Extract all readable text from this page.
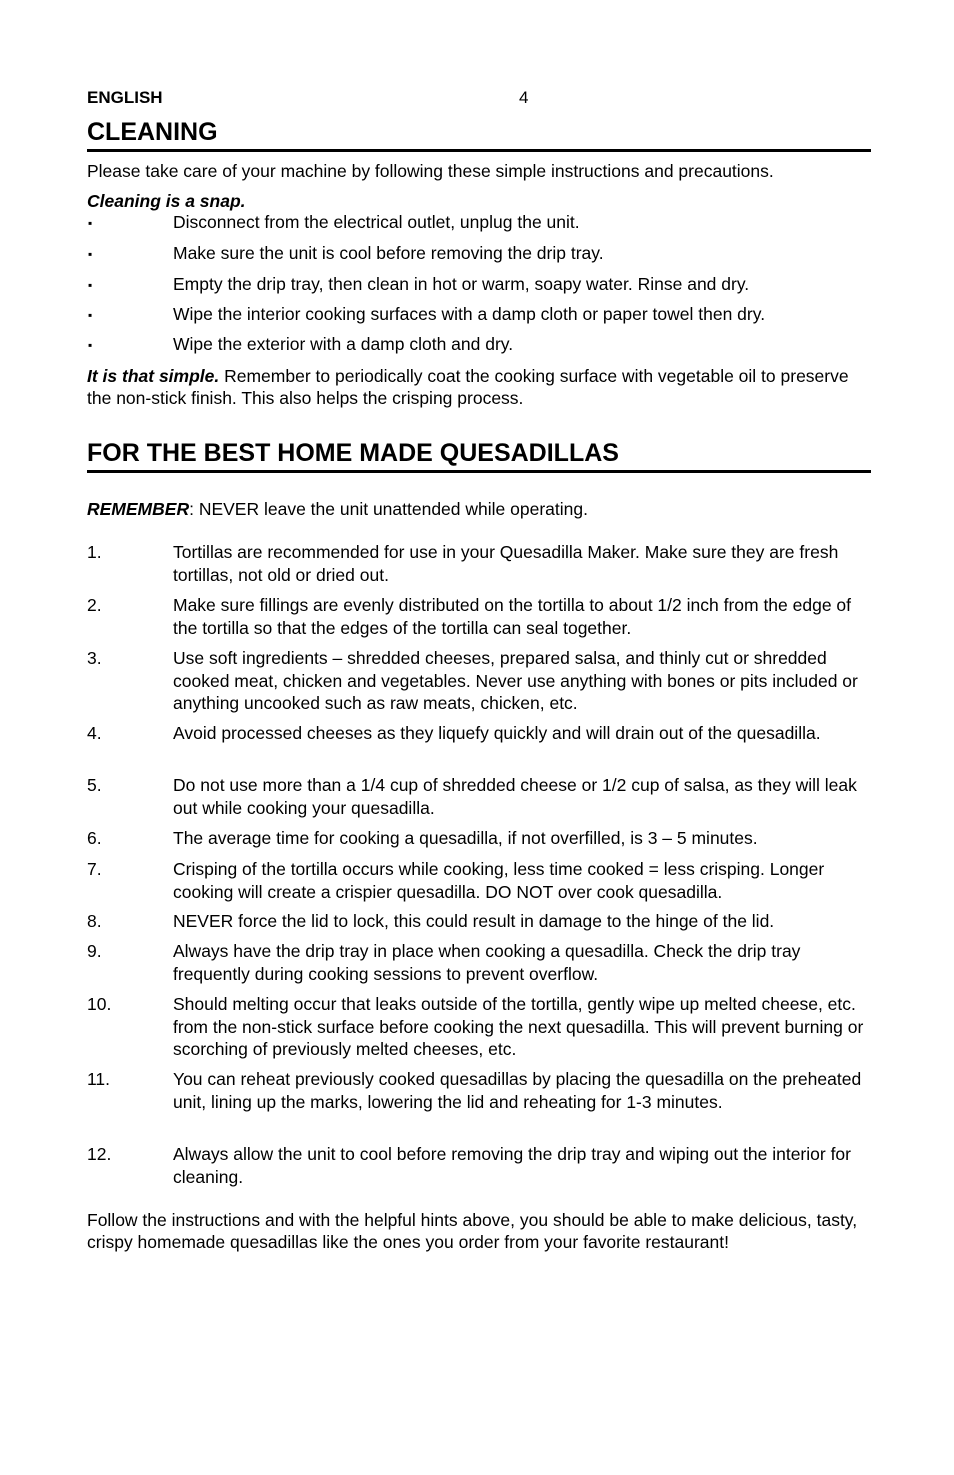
ENGLISH	4
CLEANING
Please take care of your machine by following these simple instructions and precautions.
Cleaning is a snap.
▪	Disconnect from the electrical outlet, unplug the unit.
▪	Make sure the unit is cool before removing the drip tray.
▪	Empty the drip tray, then clean in hot or warm, soapy water. Rinse and dry.
▪	Wipe the interior cooking surfaces with a damp cloth or paper towel then dry.
▪	Wipe the exterior with a damp cloth and dry.
It is that simple. Remember to periodically coat the cooking surface with vegetable oil to preserve the non-stick finish. This also helps the crisping process.
FOR THE BEST HOME MADE QUESADILLAS
REMEMBER: NEVER leave the unit unattended while operating.
1.	Tortillas are recommended for use in your Quesadilla Maker. Make sure they are fresh tortillas, not old or dried out.
2.	Make sure fillings are evenly distributed on the tortilla to about 1/2 inch from the edge of the tortilla so that the edges of the tortilla can seal together.
3.	Use soft ingredients – shredded cheeses, prepared salsa, and thinly cut or shredded cooked meat, chicken and vegetables. Never use anything with bones or pits included or anything uncooked such as raw meats, chicken, etc.
4.	Avoid processed cheeses as they liquefy quickly and will drain out of the quesadilla.
5.	Do not use more than a 1/4 cup of shredded cheese or 1/2 cup of salsa, as they will leak out while cooking your quesadilla.
6.	The average time for cooking a quesadilla, if not overfilled, is 3 – 5 minutes.
7.	Crisping of the tortilla occurs while cooking, less time cooked = less crisping. Longer cooking will create a crispier quesadilla. DO NOT over cook quesadilla.
8.	NEVER force the lid to lock, this could result in damage to the hinge of the lid.
9.	Always have the drip tray in place when cooking a quesadilla. Check the drip tray frequently during cooking sessions to prevent overflow.
10.	Should melting occur that leaks outside of the tortilla, gently wipe up melted cheese, etc. from the non-stick surface before cooking the next quesadilla. This will prevent burning or scorching of previously melted cheeses, etc.
11.	You can reheat previously cooked quesadillas by placing the quesadilla on the preheated unit, lining up the marks, lowering the lid and reheating for 1-3 minutes.
12.	Always allow the unit to cool before removing the drip tray and wiping out the interior for cleaning.
Follow the instructions and with the helpful hints above, you should be able to make delicious, tasty, crispy homemade quesadillas like the ones you order from your favorite restaurant!
